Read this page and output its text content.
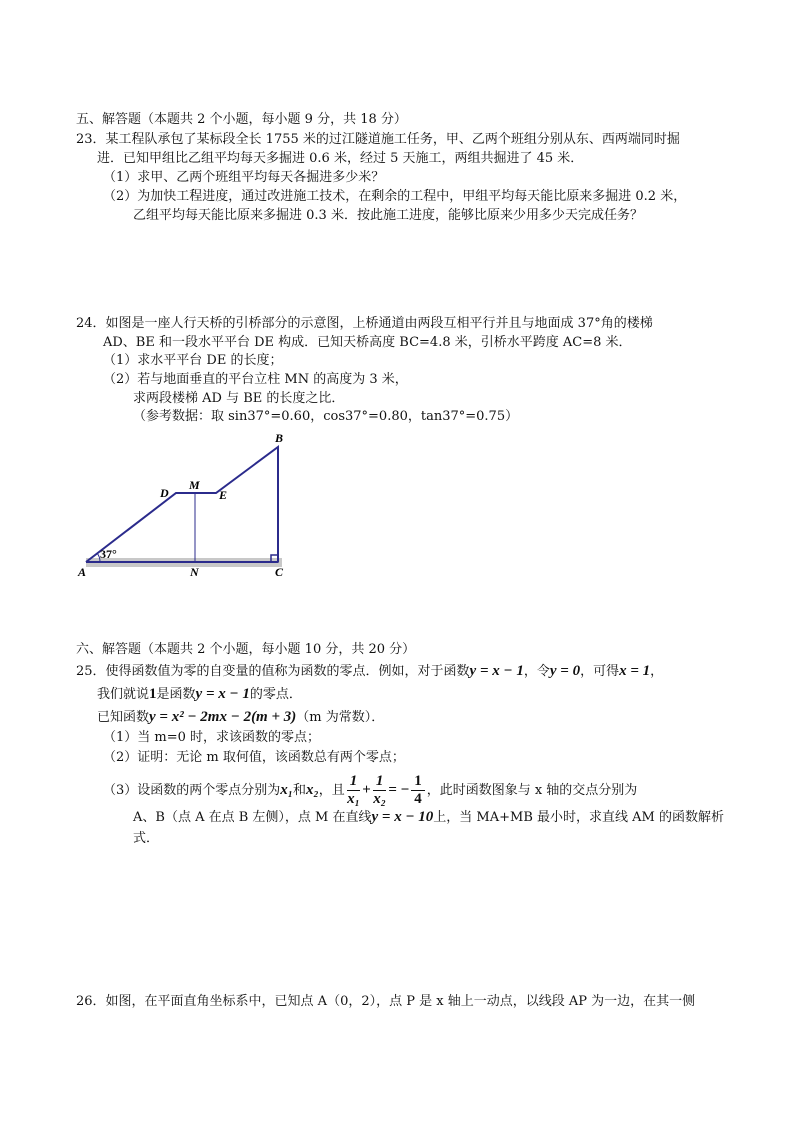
五、解答题（本题共 2 个小题，每小题 9 分，共 18 分）
23．某工程队承包了某标段全长 1755 米的过江隧道施工任务，甲、乙两个班组分别从东、西两端同时掘
进．已知甲组比乙组平均每天多掘进 0.6 米，经过 5 天施工，两组共掘进了 45 米．
（1）求甲、乙两个班组平均每天各掘进多少米？
（2）为加快工程进度，通过改进施工技术，在剩余的工程中，甲组平均每天能比原来多掘进 0.2 米，
乙组平均每天能比原来多掘进 0.3 米．按此施工进度，能够比原来少用多少天完成任务？
24．如图是一座人行天桥的引桥部分的示意图，上桥通道由两段互相平行并且与地面成 37°角的楼梯
AD、BE 和一段水平平台 DE 构成．已知天桥高度 BC=4.8 米，引桥水平跨度 AC=8 米．
（1）求水平平台 DE 的长度；
（2）若与地面垂直的平台立柱 MN 的高度为 3 米，
求两段楼梯 AD 与 BE 的长度之比．
（参考数据：取 sin37°=0.60，cos37°=0.80，tan37°=0.75）
37°
A	N	C
B
D
M
E
六、解答题（本题共 2 个小题，每小题 10 分，共 20 分）
25．使得函数值为零的自变量的值称为函数的零点．例如，对于函数y = x − 1，令y = 0，可得x = 1，
我们就说1是函数y = x − 1的零点．
已知函数y = x² − 2mx − 2(m + 3)（m 为常数）．
（1）当 m=0 时，求该函数的零点；
（2）证明：无论 m 取何值，该函数总有两个零点；
（3）设函数的两个零点分别为x₁和x₂，且 $\frac{1}{\text{x₁}} + \frac{1}{\text{x₂}}$ = − $\frac{1}{4}$ ，此时函数图象与 x 轴的交点分别为
A、B（点 A 在点 B 左侧），点 M 在直线y = x − 10上，当 MA+MB 最小时，求直线 AM 的函数解析
式．
26．如图，在平面直角坐标系中，已知点 A（0，2），点 P 是 x 轴上一动点，以线段 AP 为一边，在其一侧
